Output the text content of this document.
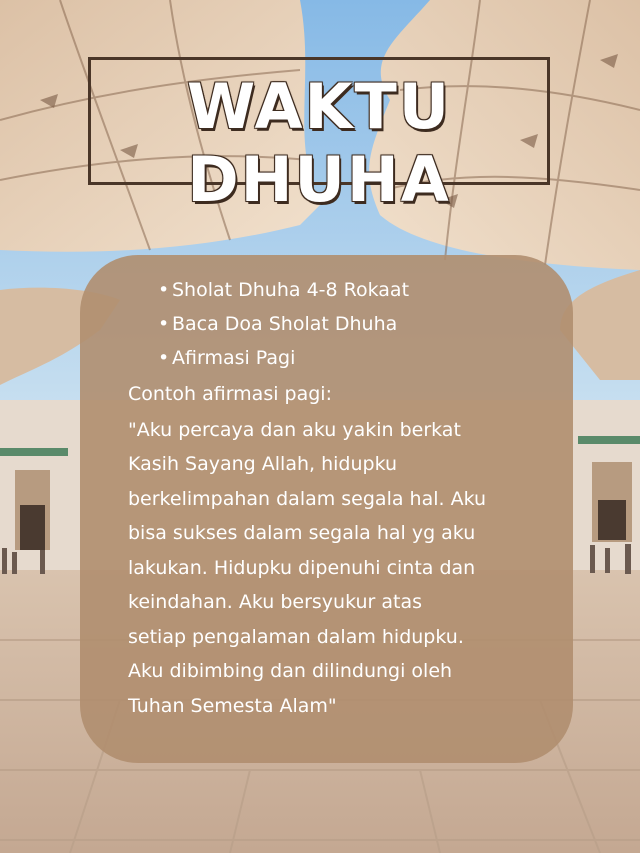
WAKTU DHUHA
• Sholat Dhuha 4-8 Rokaat
• Baca Doa Sholat Dhuha
• Afirmasi Pagi
Contoh afirmasi pagi:
"Aku percaya dan aku yakin berkat
Kasih Sayang Allah, hidupku
berkelimpahan dalam segala hal. Aku
bisa sukses dalam segala hal yg aku
lakukan. Hidupku dipenuhi cinta dan
keindahan. Aku bersyukur atas
setiap pengalaman dalam hidupku.
Aku dibimbing dan dilindungi oleh
Tuhan Semesta Alam"
